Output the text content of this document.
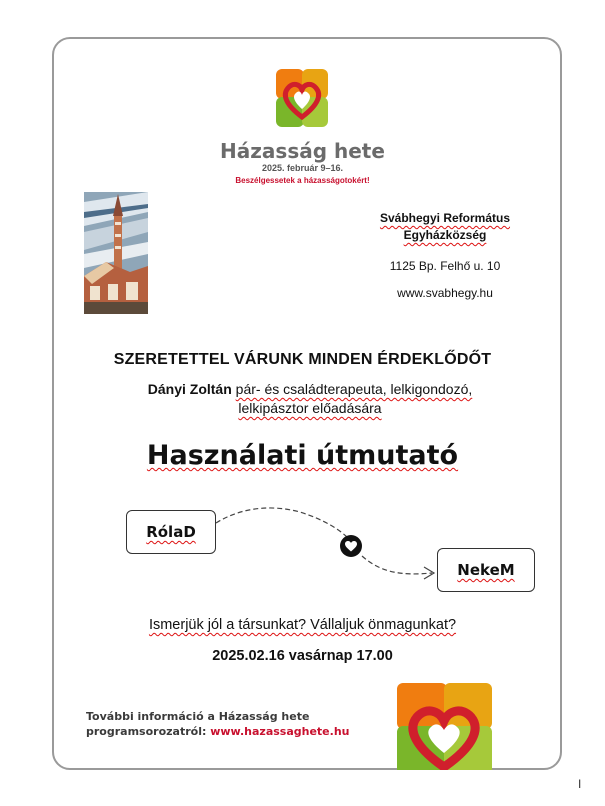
Házasság hete
2025. február 9–16.
Beszélgessetek a házasságotokért!
Svábhegyi Református
Egyházközség
1125 Bp. Felhő u. 10
www.svabhegy.hu
SZERETETTEL VÁRUNK MINDEN ÉRDEKLŐDŐT
Dányi Zoltán pár- és családterapeuta, lelkigondozó,
lelkipásztor előadására
Használati útmutató
RólaD
NekeM
Ismerjük jól a társunkat? Vállaljuk önmagunkat?
2025.02.16 vasárnap 17.00
További információ a Házasság hete
programsorozatról: www.hazassaghete.hu
I
